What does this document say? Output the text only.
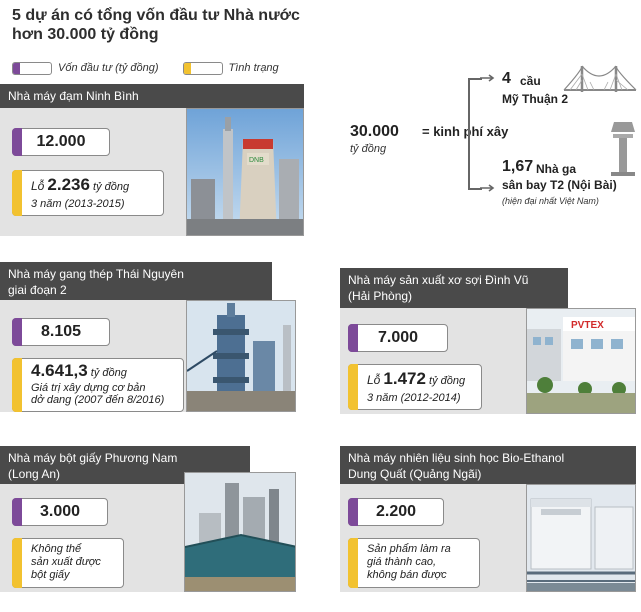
5 dự án có tổng vốn đầu tư Nhà nước
hơn 30.000 tỷ đồng
Vốn đầu tư (tỷ đồng)	Tình trạng
Nhà máy đạm Ninh Bình
DNB
12.000
Lỗ 2.236 tỷ đồng
3 năm (2013-2015)
30.000
tỷ đồng
= kinh phí xây
4 cầu
Mỹ Thuận 2
1,67 Nhà ga
sân bay T2 (Nội Bài)
(hiện đại nhất Việt Nam)
Nhà máy gang thép Thái Nguyên
giai đoạn 2
8.105
4.641,3 tỷ đồng
Giá trị xây dựng cơ bản
dở dang (2007 đến 8/2016)
Nhà máy sản xuất xơ sợi Đình Vũ
(Hải Phòng)
PVTEX
7.000
Lỗ 1.472 tỷ đồng
3 năm (2012-2014)
Nhà máy bột giấy Phương Nam
(Long An)
3.000
Không thể
sản xuất được
bột giấy
Nhà máy nhiên liệu sinh học Bio-Ethanol
Dung Quất (Quảng Ngãi)
2.200
Sản phẩm làm ra
giá thành cao,
không bán được
